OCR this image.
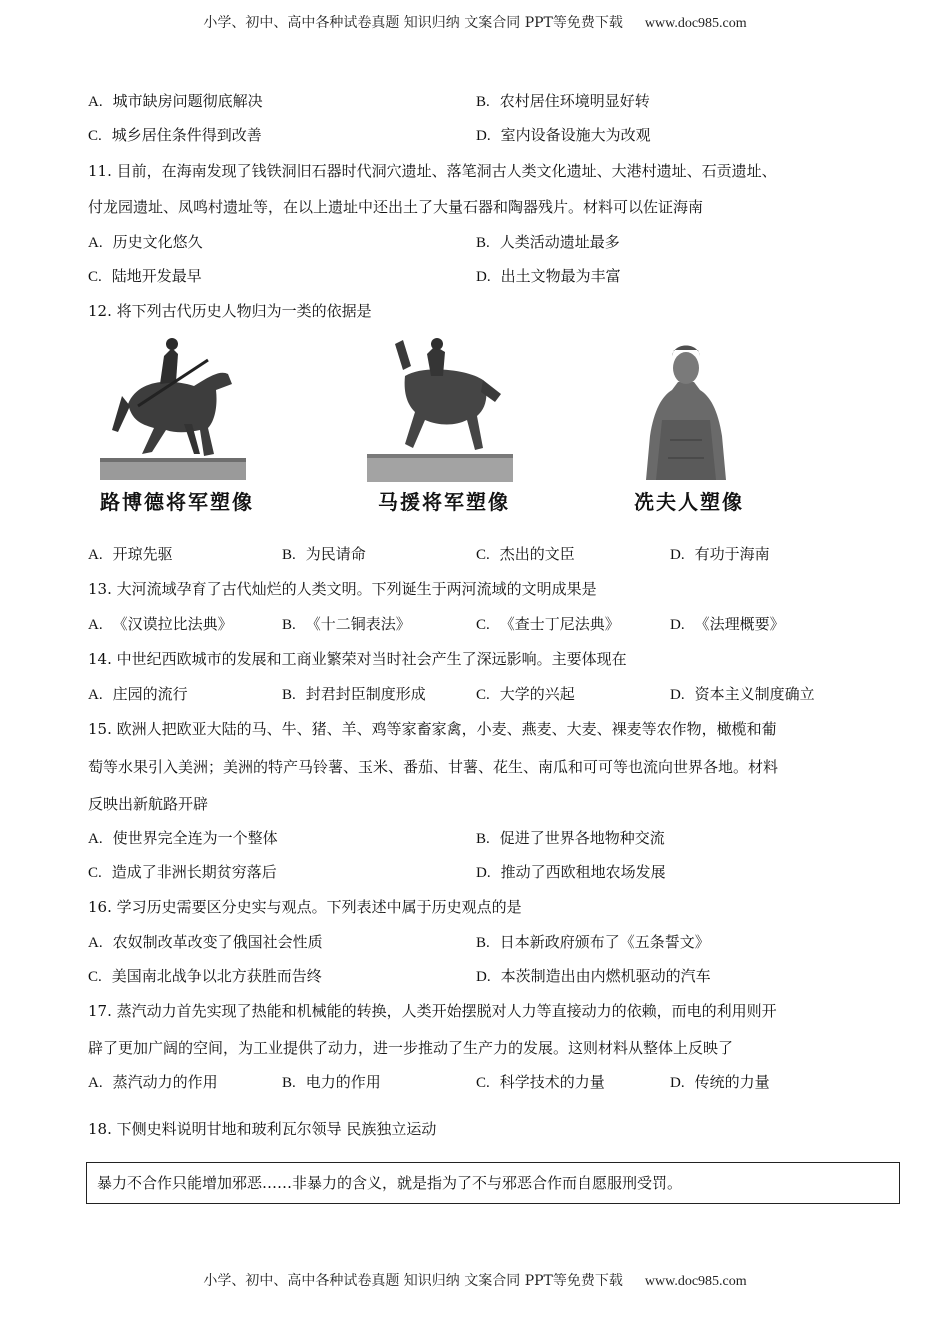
小学、初中、高中各种试卷真题 知识归纳 文案合同 PPT等免费下载 www.doc985.com
A. 城市缺房问题彻底解决	B. 农村居住环境明显好转
C. 城乡居住条件得到改善	D. 室内设备设施大为改观
11. 目前，在海南发现了钱铁洞旧石器时代洞穴遗址、落笔洞古人类文化遗址、大港村遗址、石贡遗址、
付龙园遗址、凤鸣村遗址等，在以上遗址中还出土了大量石器和陶器残片。材料可以佐证海南
A. 历史文化悠久	B. 人类活动遗址最多
C. 陆地开发最早	D. 出土文物最为丰富
12. 将下列古代历史人物归为一类的依据是
路博德将军塑像	马援将军塑像	冼夫人塑像
A. 开琼先驱	B. 为民请命	C. 杰出的文臣	D. 有功于海南
13. 大河流域孕育了古代灿烂的人类文明。下列诞生于两河流域的文明成果是
A. 《汉谟拉比法典》	B. 《十二铜表法》	C. 《查士丁尼法典》	D. 《法理概要》
14. 中世纪西欧城市的发展和工商业繁荣对当时社会产生了深远影响。主要体现在
A. 庄园的流行	B. 封君封臣制度形成	C. 大学的兴起	D. 资本主义制度确立
15. 欧洲人把欧亚大陆的马、牛、猪、羊、鸡等家畜家禽，小麦、燕麦、大麦、裸麦等农作物，橄榄和葡
萄等水果引入美洲；美洲的特产马铃薯、玉米、番茄、甘薯、花生、南瓜和可可等也流向世界各地。材料
反映出新航路开辟
A. 使世界完全连为一个整体	B. 促进了世界各地物种交流
C. 造成了非洲长期贫穷落后	D. 推动了西欧租地农场发展
16. 学习历史需要区分史实与观点。下列表述中属于历史观点的是
A. 农奴制改革改变了俄国社会性质	B. 日本新政府颁布了《五条誓文》
C. 美国南北战争以北方获胜而告终	D. 本茨制造出由内燃机驱动的汽车
17. 蒸汽动力首先实现了热能和机械能的转换，人类开始摆脱对人力等直接动力的依赖，而电的利用则开
辟了更加广阔的空间，为工业提供了动力，进一步推动了生产力的发展。这则材料从整体上反映了
A. 蒸汽动力的作用	B. 电力的作用	C. 科学技术的力量	D. 传统的力量
18. 下侧史料说明甘地和玻利瓦尔领导 民族独立运动
暴力不合作只能增加邪恶……非暴力的含义，就是指为了不与邪恶合作而自愿服刑受罚。
小学、初中、高中各种试卷真题 知识归纳 文案合同 PPT等免费下载 www.doc985.com
